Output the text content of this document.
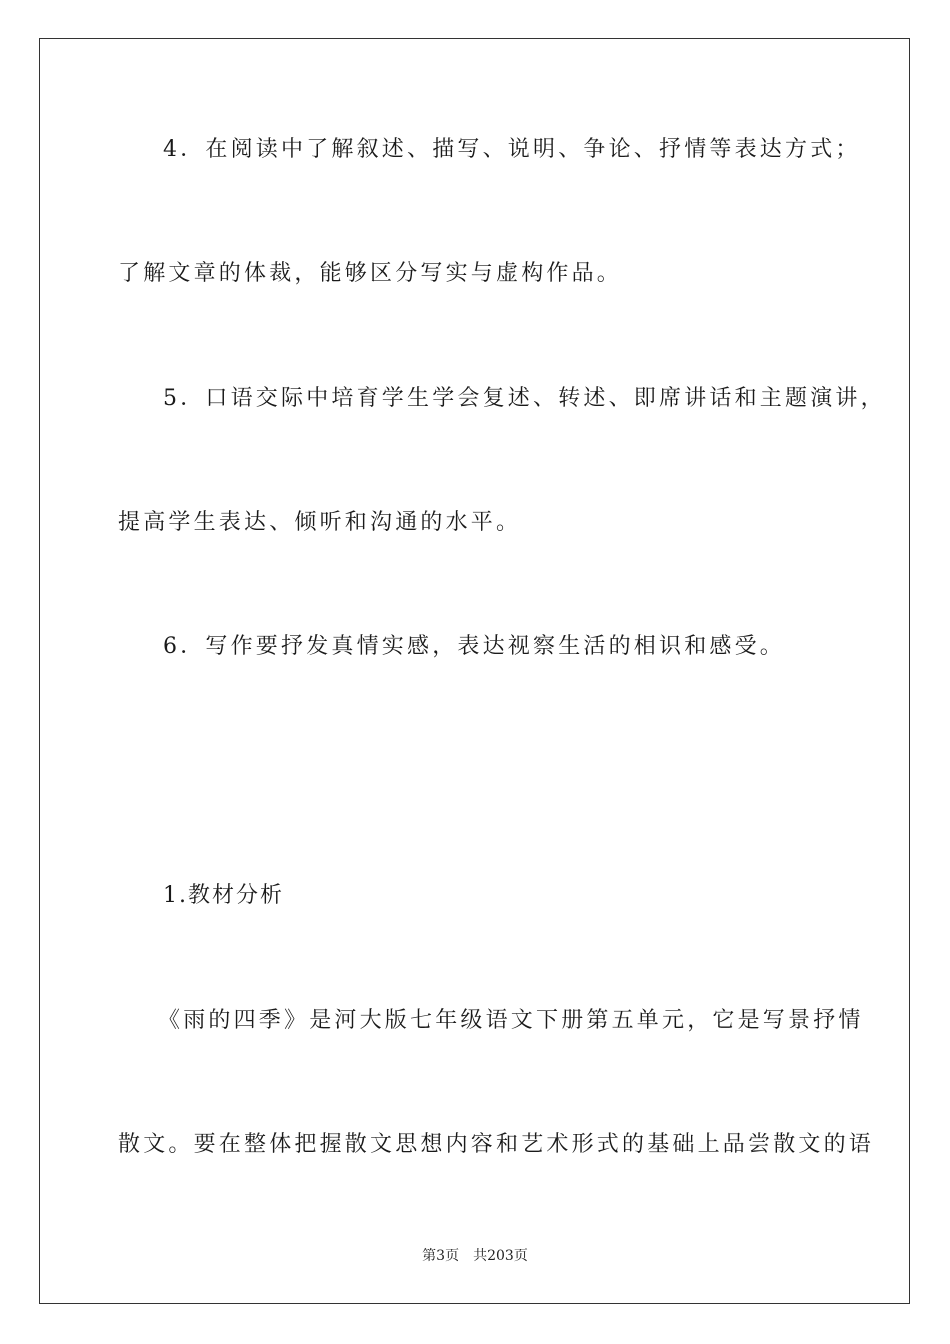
4．在阅读中了解叙述、描写、说明、争论、抒情等表达方式；
了解文章的体裁，能够区分写实与虚构作品。
5．口语交际中培育学生学会复述、转述、即席讲话和主题演讲，
提高学生表达、倾听和沟通的水平。
6．写作要抒发真情实感，表达视察生活的相识和感受。
1.教材分析
《雨的四季》是河大版七年级语文下册第五单元，它是写景抒情
散文。要在整体把握散文思想内容和艺术形式的基础上品尝散文的语
第3页 共203页
